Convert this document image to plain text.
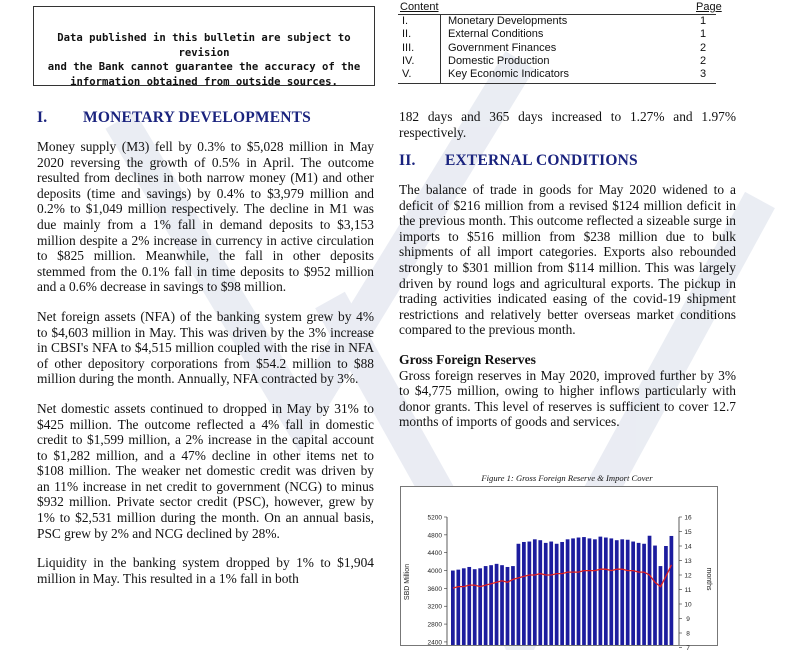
Data published in this bulletin are subject to revision
and the Bank cannot guarantee the accuracy of the
information obtained from outside sources.
Content	Page
I.	Monetary Developments	1
II.	External Conditions	1
III.	Government Finances	2
IV.	Domestic Production	2
V.	Key Economic Indicators	3
I. MONETARY DEVELOPMENTS

Money supply (M3) fell by 0.3% to $5,028 million in May 2020 reversing the growth of 0.5% in April. The outcome resulted from declines in both narrow money (M1) and other deposits (time and savings) by 0.4% to $3,979 million and 0.2% to $1,049 million respectively. The decline in M1 was due mainly from a 1% fall in demand deposits to $3,153 million despite a 2% increase in currency in active circulation to $825 million. Meanwhile, the fall in other deposits stemmed from the 0.1% fall in time deposits to $952 million and a 0.6% decrease in savings to $98 million.

Net foreign assets (NFA) of the banking system grew by 4% to $4,603 million in May. This was driven by the 3% increase in CBSI's NFA to $4,515 million coupled with the rise in NFA of other depository corporations from $54.2 million to $88 million during the month. Annually, NFA contracted by 3%.

Net domestic assets continued to dropped in May by 31% to $425 million. The outcome reflected a 4% fall in domestic credit to $1,599 million, a 2% increase in the capital account to $1,282 million, and a 47% decline in other items net to $108 million. The weaker net domestic credit was driven by an 11% increase in net credit to government (NCG) to minus $932 million. Private sector credit (PSC), however, grew by 1% to $2,531 million during the month. On an annual basis, PSC grew by 2% and NCG declined by 28%.

Liquidity in the banking system dropped by 1% to $1,904 million in May. This resulted in a 1% fall in both

182 days and 365 days increased to 1.27% and 1.97% respectively.

II. EXTERNAL CONDITIONS

The balance of trade in goods for May 2020 widened to a deficit of $216 million from a revised $124 million deficit in the previous month. This outcome reflected a sizeable surge in imports to $516 million from $238 million due to bulk shipments of all import categories. Exports also rebounded strongly to $301 million from $114 million. This was largely driven by round logs and agricultural exports. The pickup in trading activities indicated easing of the covid-19 shipment restrictions and relatively better overseas market conditions compared to the previous month.

Gross Foreign Reserves

Gross foreign reserves in May 2020, improved further by 3% to $4,775 million, owing to higher inflows particularly with donor grants. This level of reserves is sufficient to cover 12.7 months of imports of goods and services.

Figure 1: Gross Foreign Reserve & Import Cover
2400
2800
3200
3600
4000
4400
4800
5200
7
8
9
10
11
12
13
14
15
16
SBD Million	months
